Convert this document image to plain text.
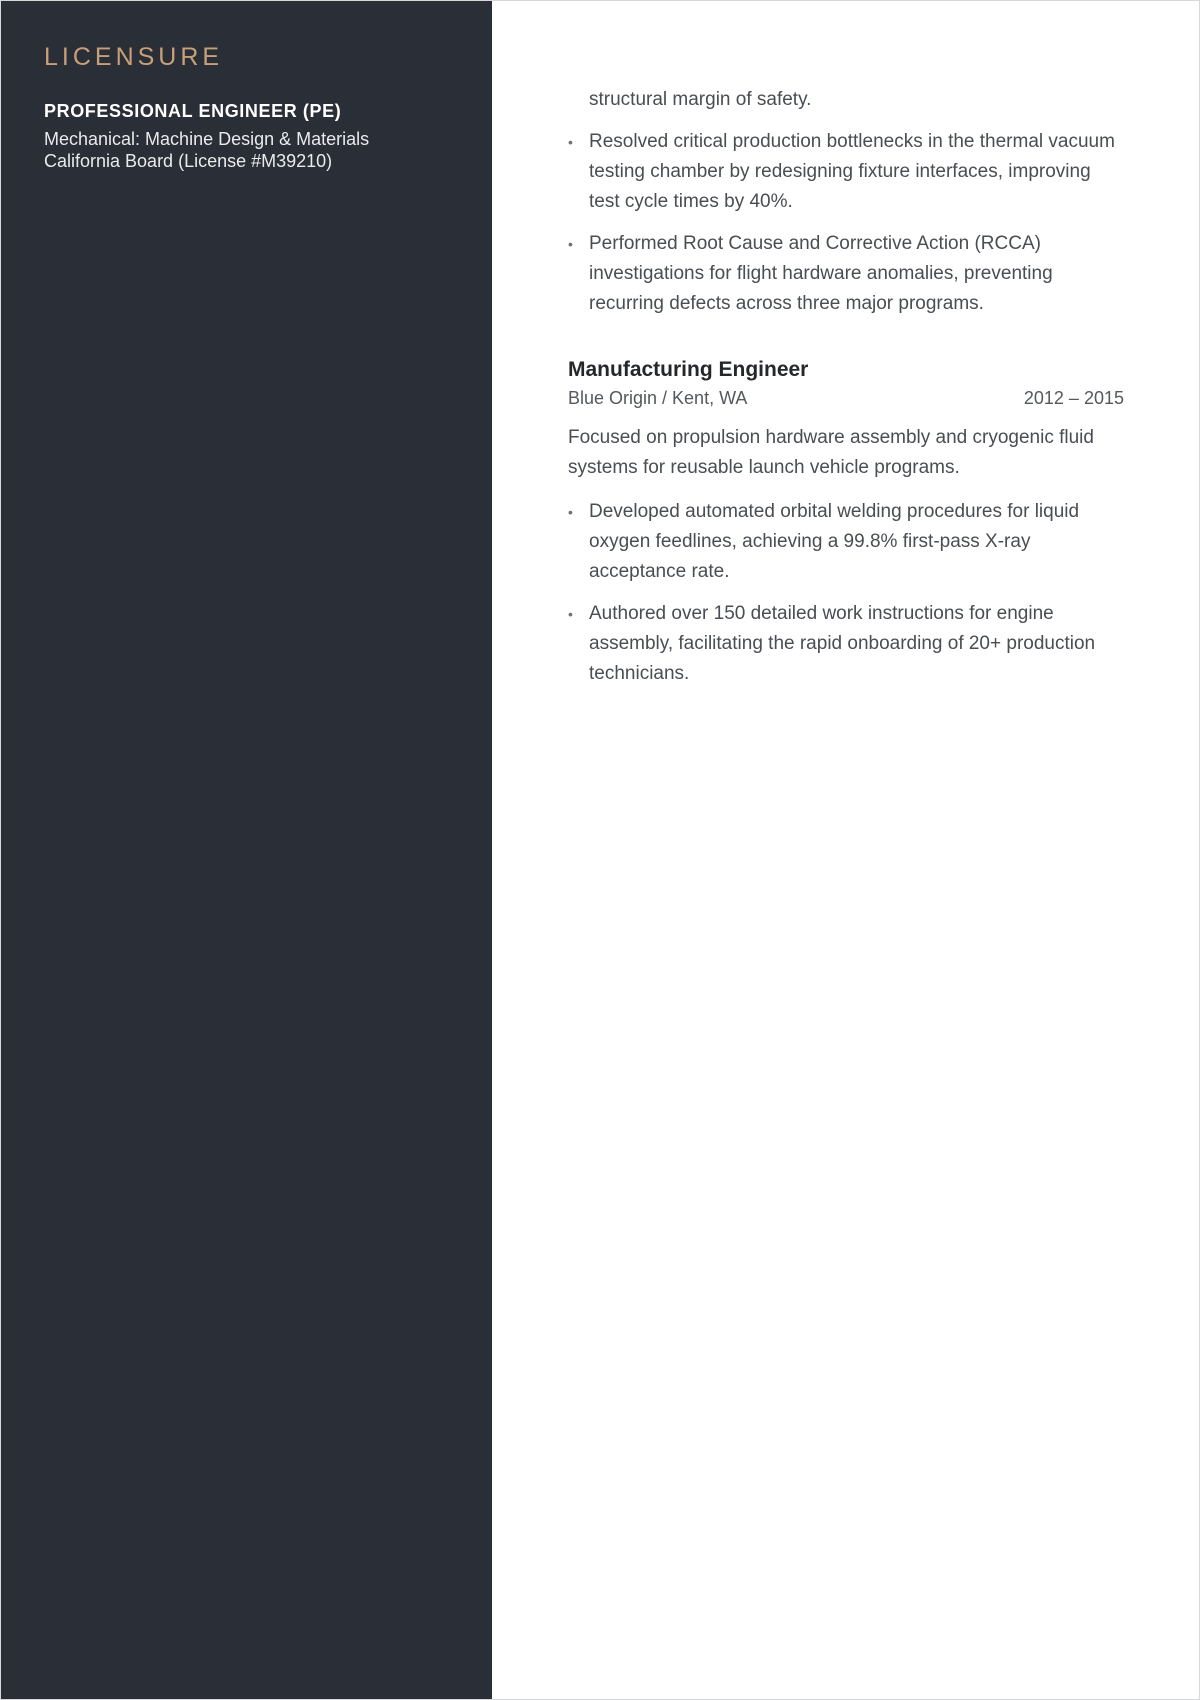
LICENSURE
PROFESSIONAL ENGINEER (PE)
Mechanical: Machine Design & Materials
California Board (License #M39210)
structural margin of safety.
• Resolved critical production bottlenecks in the thermal vacuum testing chamber by redesigning fixture interfaces, improving test cycle times by 40%.
• Performed Root Cause and Corrective Action (RCCA) investigations for flight hardware anomalies, preventing recurring defects across three major programs.
Manufacturing Engineer
Blue Origin / Kent, WA	2012 – 2015
Focused on propulsion hardware assembly and cryogenic fluid systems for reusable launch vehicle programs.
• Developed automated orbital welding procedures for liquid oxygen feedlines, achieving a 99.8% first-pass X-ray acceptance rate.
• Authored over 150 detailed work instructions for engine assembly, facilitating the rapid onboarding of 20+ production technicians.
